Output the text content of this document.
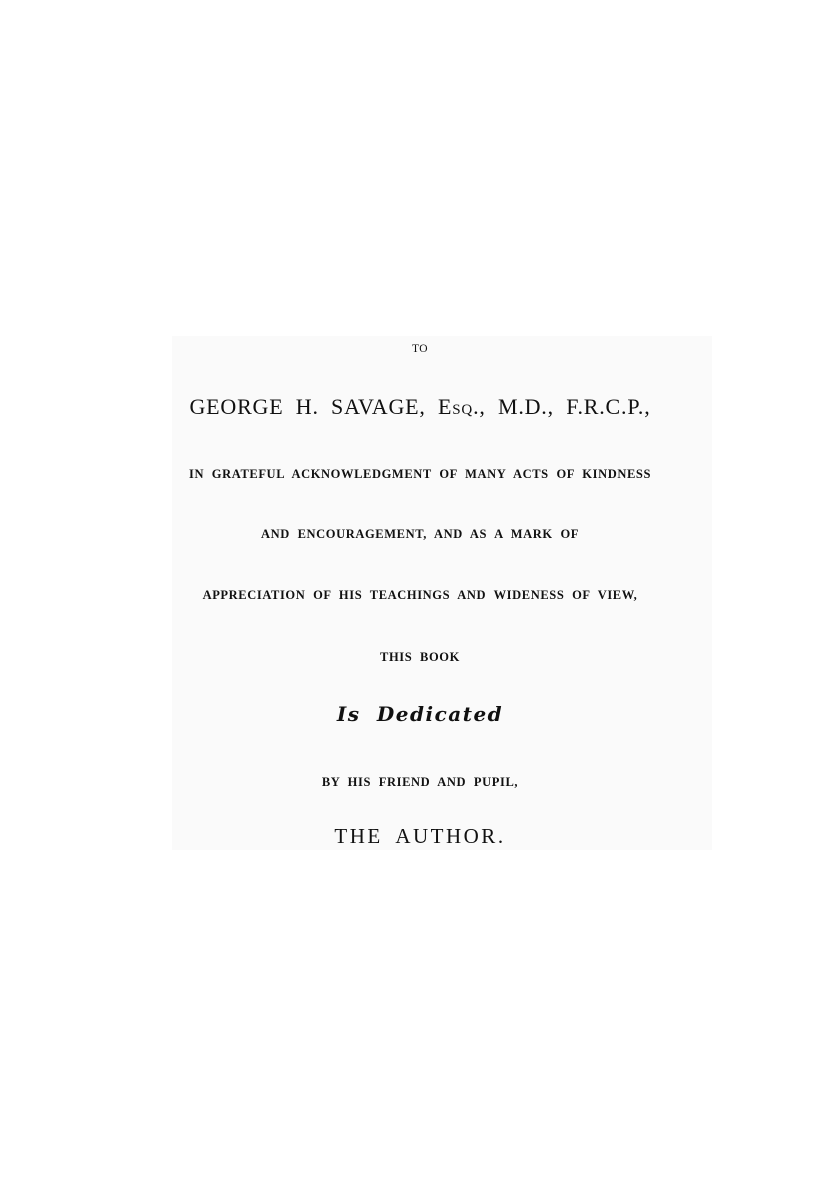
TO
GEORGE H. SAVAGE, ESQ., M.D., F.R.C.P.,
IN GRATEFUL ACKNOWLEDGMENT OF MANY ACTS OF KINDNESS
AND ENCOURAGEMENT, AND AS A MARK OF
APPRECIATION OF HIS TEACHINGS AND WIDENESS OF VIEW,
THIS BOOK
Is Dedicated
BY HIS FRIEND AND PUPIL,
THE AUTHOR.
